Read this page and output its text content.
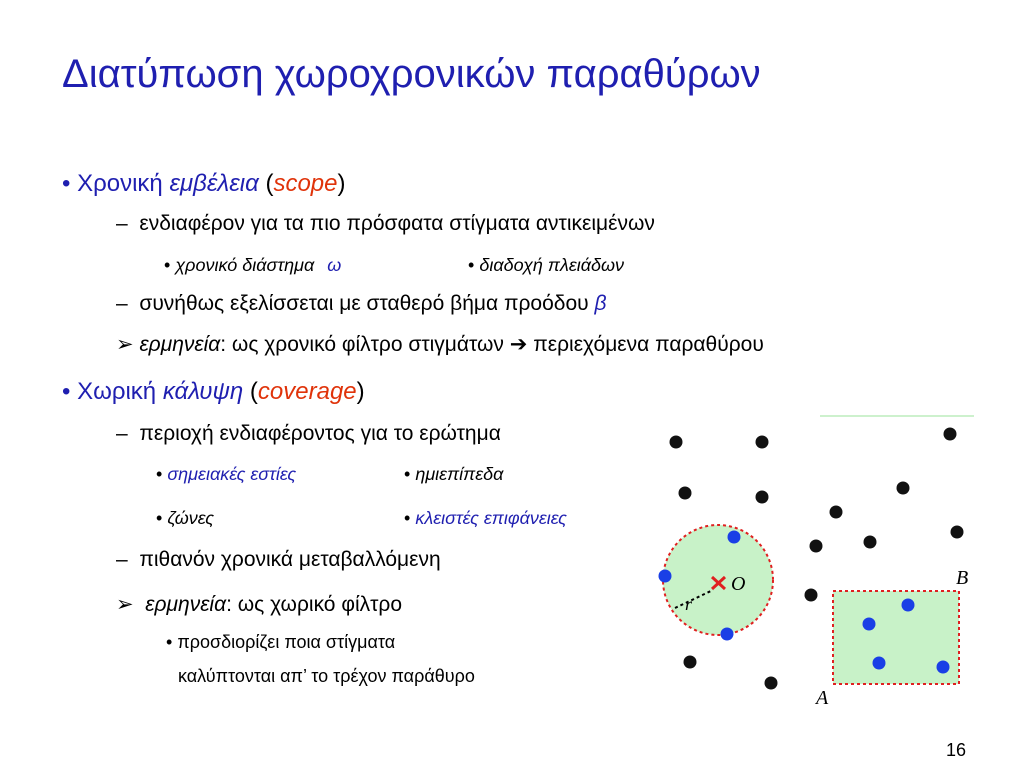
Διατύπωση χωροχρονικών παραθύρων
• Χρονική εμβέλεια (scope)
– ενδιαφέρον για τα πιο πρόσφατα στίγματα αντικειμένων
• χρονικό διάστημα ω	• διαδοχή πλειάδων
– συνήθως εξελίσσεται με σταθερό βήμα προόδου β
➢ ερμηνεία: ως χρονικό φίλτρο στιγμάτων ➔ περιεχόμενα παραθύρου
• Χωρική κάλυψη (coverage)
– περιοχή ενδιαφέροντος για το ερώτημα
• σημειακές εστίες	• ημιεπίπεδα
• ζώνες	• κλειστές επιφάνειες
– πιθανόν χρονικά μεταβαλλόμενη
➢ ερμηνεία: ως χωρικό φίλτρο
• προσδιορίζει ποια στίγματα
καλύπτονται απ’ το τρέχον παράθυρο
O
r
B
A
16
